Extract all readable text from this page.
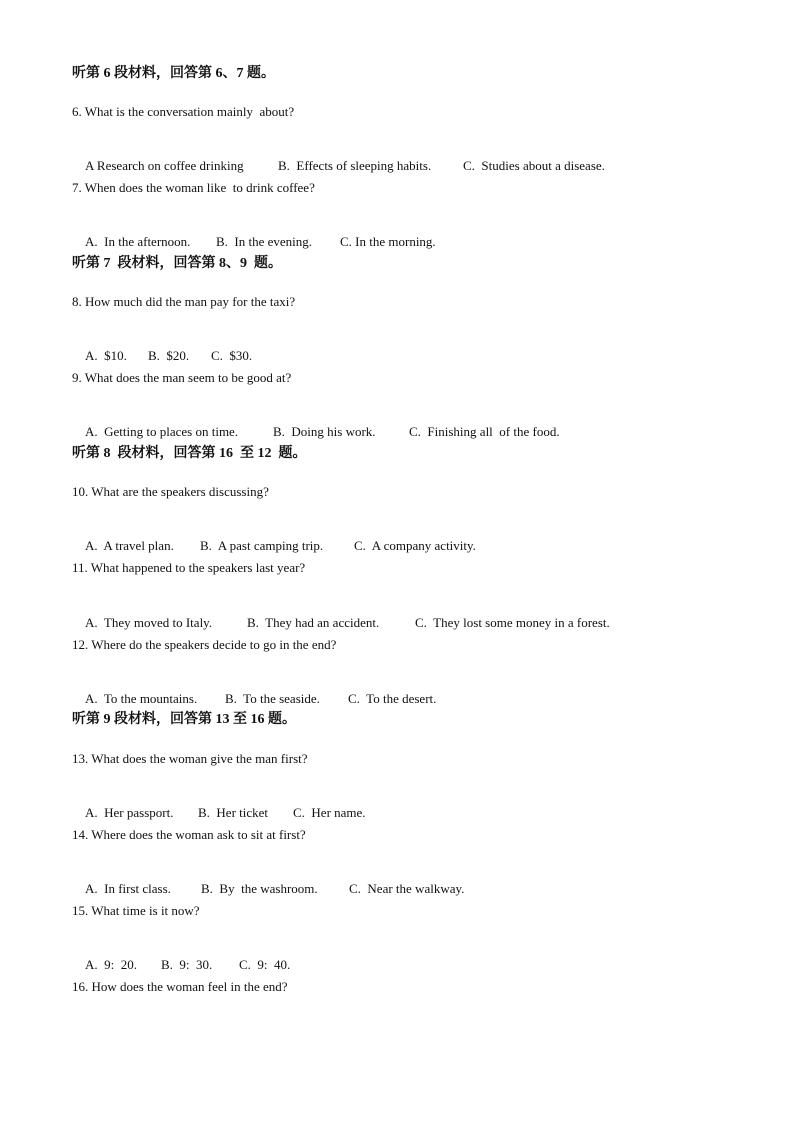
听第 6 段材料，回答第 6、7 题。
6. What is the conversation mainly  about?

A Research on coffee drinking	B.  Effects of sleeping habits. C.  Studies about a disease.

7. When does the woman like  to drink coffee?

A.  In the afternoon. B.  In the evening. C. In the morning.

听第 7  段材料，回答第 8、9  题。
8. How much did the man pay for the taxi?

A.  $10. B.  $20. C.  $30.

9. What does the man seem to be good at?

A.  Getting to places on time.	B.  Doing his work.	C.  Finishing all  of the food.

听第 8  段材料，回答第 16  至 12  题。
10. What are the speakers discussing?

A.  A travel plan. B.  A past camping trip. C.  A company activity.

11. What happened to the speakers last year?

A.  They moved to Italy.	B.  They had an accident.	C.  They lost some money in a forest.

12. Where do the speakers decide to go in the end?

A.  To the mountains. B.  To the seaside. C.  To the desert.

听第 9 段材料，回答第 13 至 16 题。
13. What does the woman give the man first?

A.  Her passport. B.  Her ticket C.  Her name.

14. Where does the woman ask to sit at first?

A.  In first class. B.  By  the washroom. C.  Near the walkway.

15. What time is it now?

A.  9:  20. B.  9:  30. C.  9:  40.

16. How does the woman feel in the end?
